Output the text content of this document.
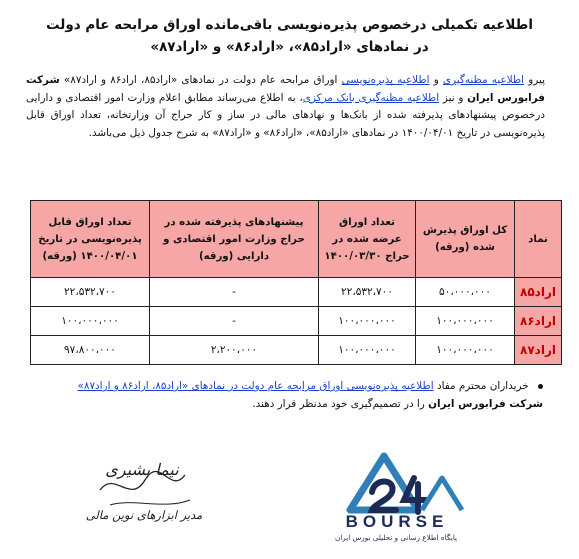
اطلاعیه تکمیلی درخصوص پذیره‌نویسی باقی‌مانده اوراق مرابحه عام دولت
در نمادهای «اراد۸۵»، «اراد۸۶» و «اراد۸۷»
پیرو اطلاعیه مظنه‌گیری و اطلاعیه پذیره‌نویسی اوراق مرابحه عام دولت در نمادهای «اراد۸۵، اراد۸۶ و اراد۸۷» شرکت فرابورس ایران و نیز اطلاعیه مظنه‌گیری بانک مرکزی، به اطلاع می‌رساند مطابق اعلام وزارت امور اقتصادی و دارایی درخصوص پیشنهادهای پذیرفته شده از بانک‌ها و نهادهای مالی در ساز و کار حراج آن وزارتخانه، تعداد اوراق قابل پذیره‌نویسی در تاریخ ۱۴۰۰/۰۴/۰۱ در نمادهای «اراد۸۵»، «اراد۸۶» و «اراد۸۷» به شرح جدول ذیل می‌باشد.
نماد	کل اوراق پذیرش شده (ورقه)	تعداد اوراق عرضه شده در حراج ۱۴۰۰/۰۳/۳۰	پیشنهادهای پذیرفته شده در حراج وزارت امور اقتصادی و دارایی (ورقه)	تعداد اوراق قابل پذیره‌نویسی در تاریخ ۱۴۰۰/۰۴/۰۱ (ورقه)
اراد۸۵	۵۰،۰۰۰،۰۰۰	۲۲،۵۳۲،۷۰۰	-	۲۲،۵۳۲،۷۰۰
اراد۸۶	۱۰۰،۰۰۰،۰۰۰	۱۰۰،۰۰۰،۰۰۰	-	۱۰۰،۰۰۰،۰۰۰
اراد۸۷	۱۰۰،۰۰۰،۰۰۰	۱۰۰،۰۰۰،۰۰۰	۲،۲۰۰،۰۰۰	۹۷،۸۰۰،۰۰۰
خریداران محترم مفاد اطلاعیه پذیره‌نویسی اوراق مرابحه عام دولت در نمادهای «اراد۸۵، اراد۸۶ و اراد۸۷»
شرکت فرابورس ایران را در تصمیم‌گیری خود مدنظر قرار دهند.
نیما بشیری
مدیر ابزارهای نوین مالی	BOURSE
پایگاه اطلاع رسانی و تحلیلی بورس ایران
